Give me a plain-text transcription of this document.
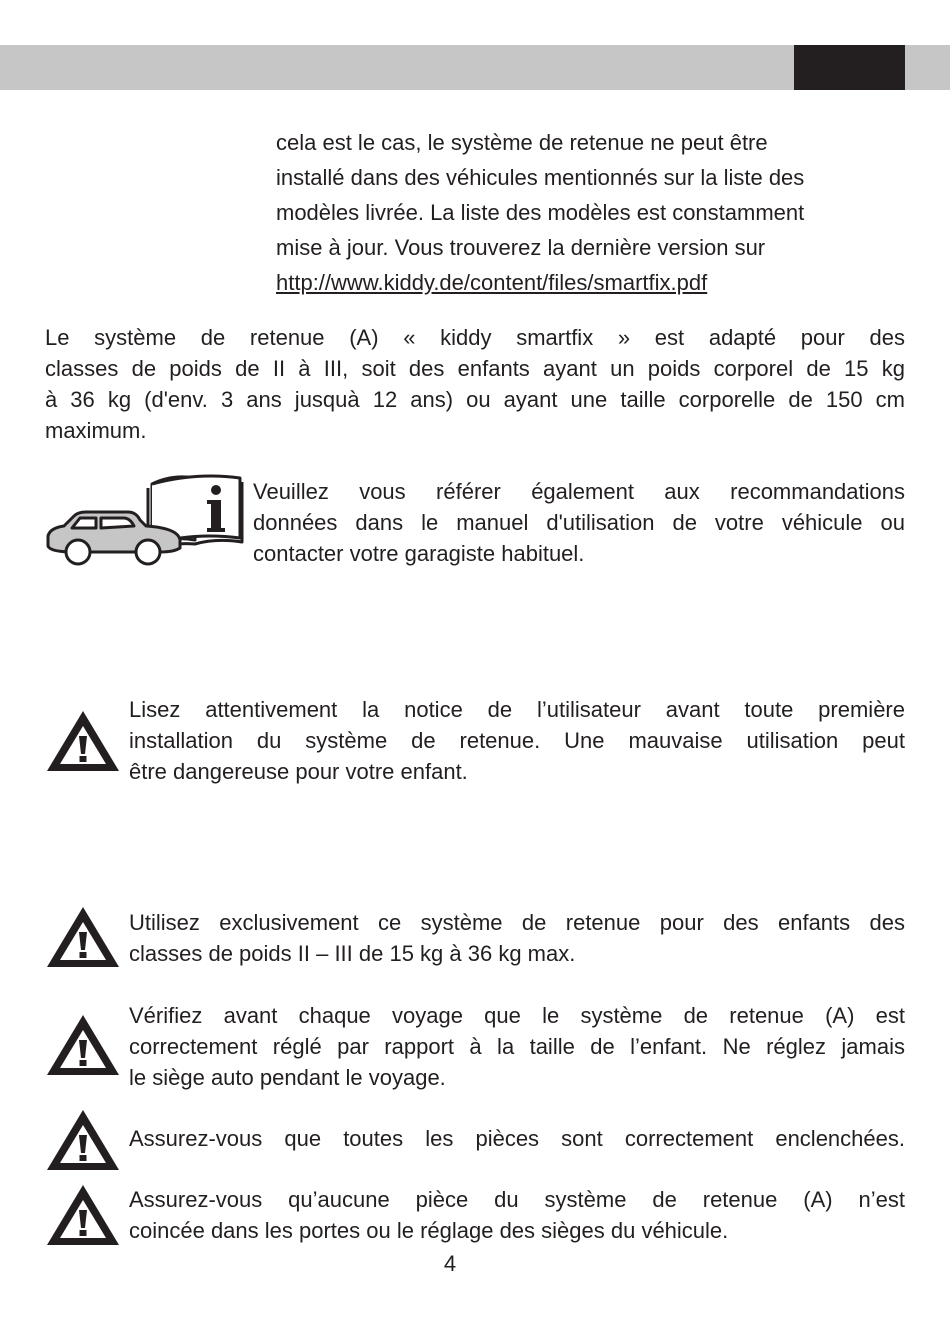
cela est le cas, le système de retenue ne peut être

installé dans des véhicules mentionnés sur la liste des

modèles livrée. La liste des modèles est constamment

mise à jour. Vous trouverez la dernière version sur

http://www.kiddy.de/content/files/smartfix.pdf

Le système de retenue (A) « kiddy smartfix » est adapté pour des
classes de poids de II à III, soit des enfants ayant un poids corporel de 15 kg
à 36 kg (d'env. 3 ans jusquà 12 ans) ou ayant une taille corporelle de 150 cm
maximum.
Veuillez vous référer également aux recommandations
données dans le manuel d'utilisation de votre véhicule ou
contacter votre garagiste habituel.
Lisez attentivement la notice de l’utilisateur avant toute première
installation du système de retenue. Une mauvaise utilisation peut
être dangereuse pour votre enfant.
Utilisez exclusivement ce système de retenue pour des enfants des
classes de poids II – III de 15 kg à 36 kg max.
Vérifiez avant chaque voyage que le système de retenue (A) est
correctement réglé par rapport à la taille de l’enfant. Ne réglez jamais
le siège auto pendant le voyage.
Assurez-vous que toutes les pièces sont correctement enclenchées.
Assurez-vous qu’aucune pièce du système de retenue (A) n’est
coincée dans les portes ou le réglage des sièges du véhicule.
4
